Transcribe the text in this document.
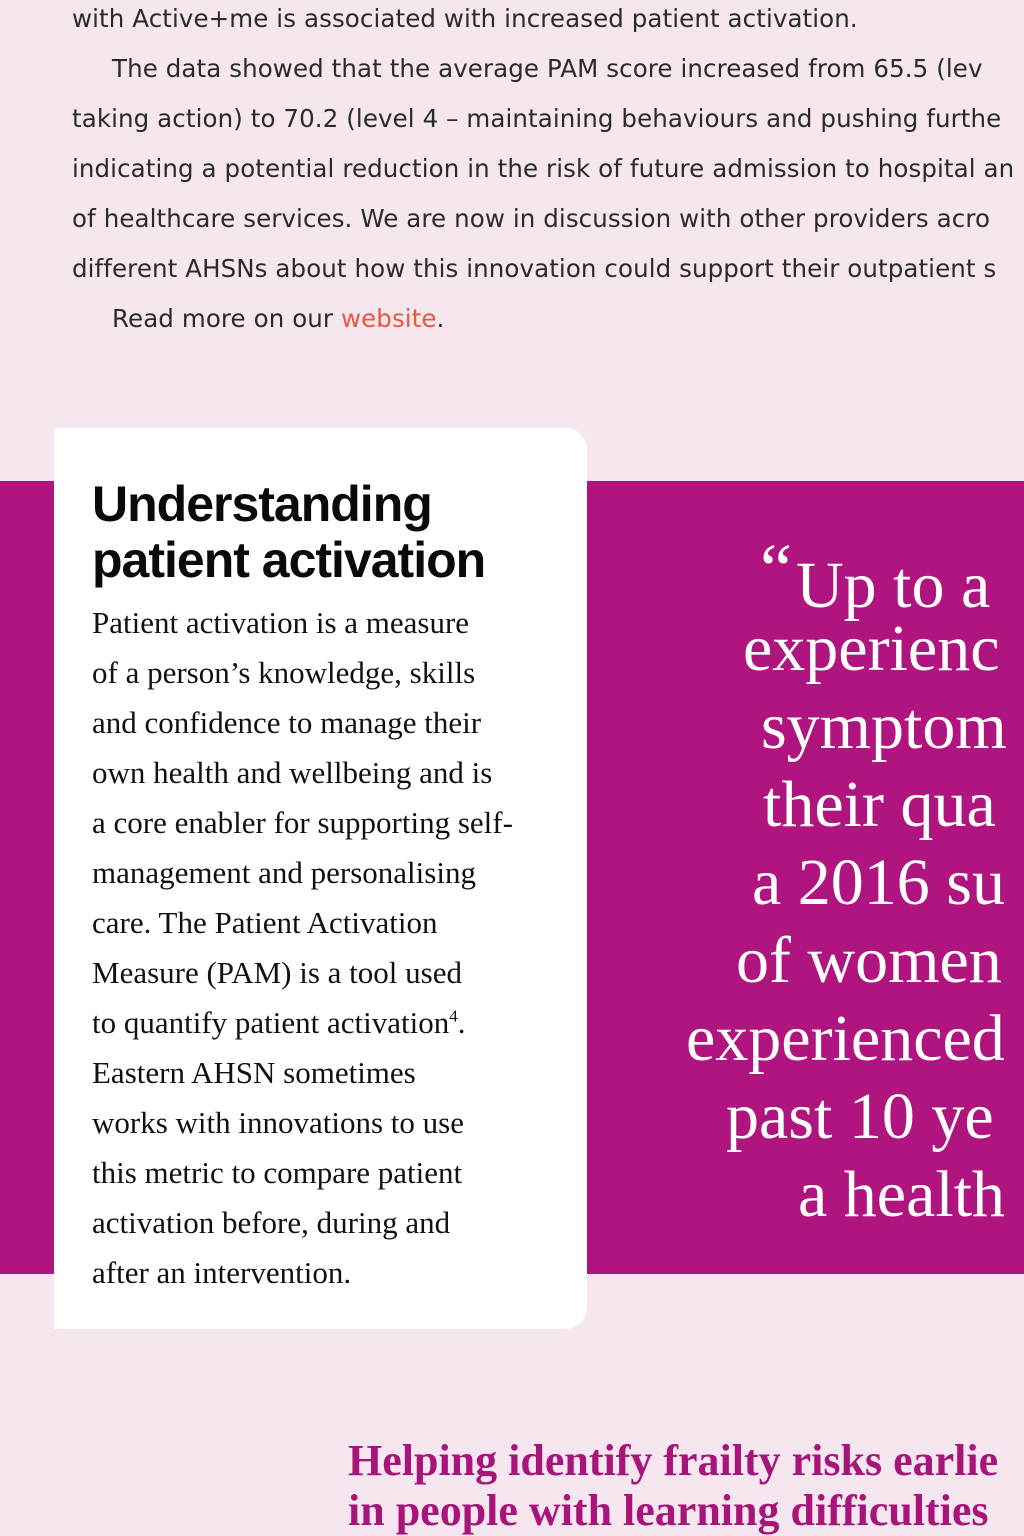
with Active+me is associated with increased patient activation.
The data showed that the average PAM score increased from 65.5 (lev
taking action) to 70.2 (level 4 – maintaining behaviours and pushing furthe
indicating a potential reduction in the risk of future admission to hospital an
of healthcare services. We are now in discussion with other providers acro
different AHSNs about how this innovation could support their outpatient s
Read more on our website.
Understanding
patient activation
Patient activation is a measure
of a person’s knowledge, skills
and confidence to manage their
own health and wellbeing and is
a core enabler for supporting self-
management and personalising
care. The Patient Activation
Measure (PAM) is a tool used
to quantify patient activation$^4$.
Eastern AHSN sometimes
works with innovations to use
this metric to compare patient
activation before, during and
after an intervention.
“Up to a
experienc
symptom
their qua
a 2016 su
of women
experienced
past 10 ye
a health
Helping identify frailty risks earlie
in people with learning difficulties
